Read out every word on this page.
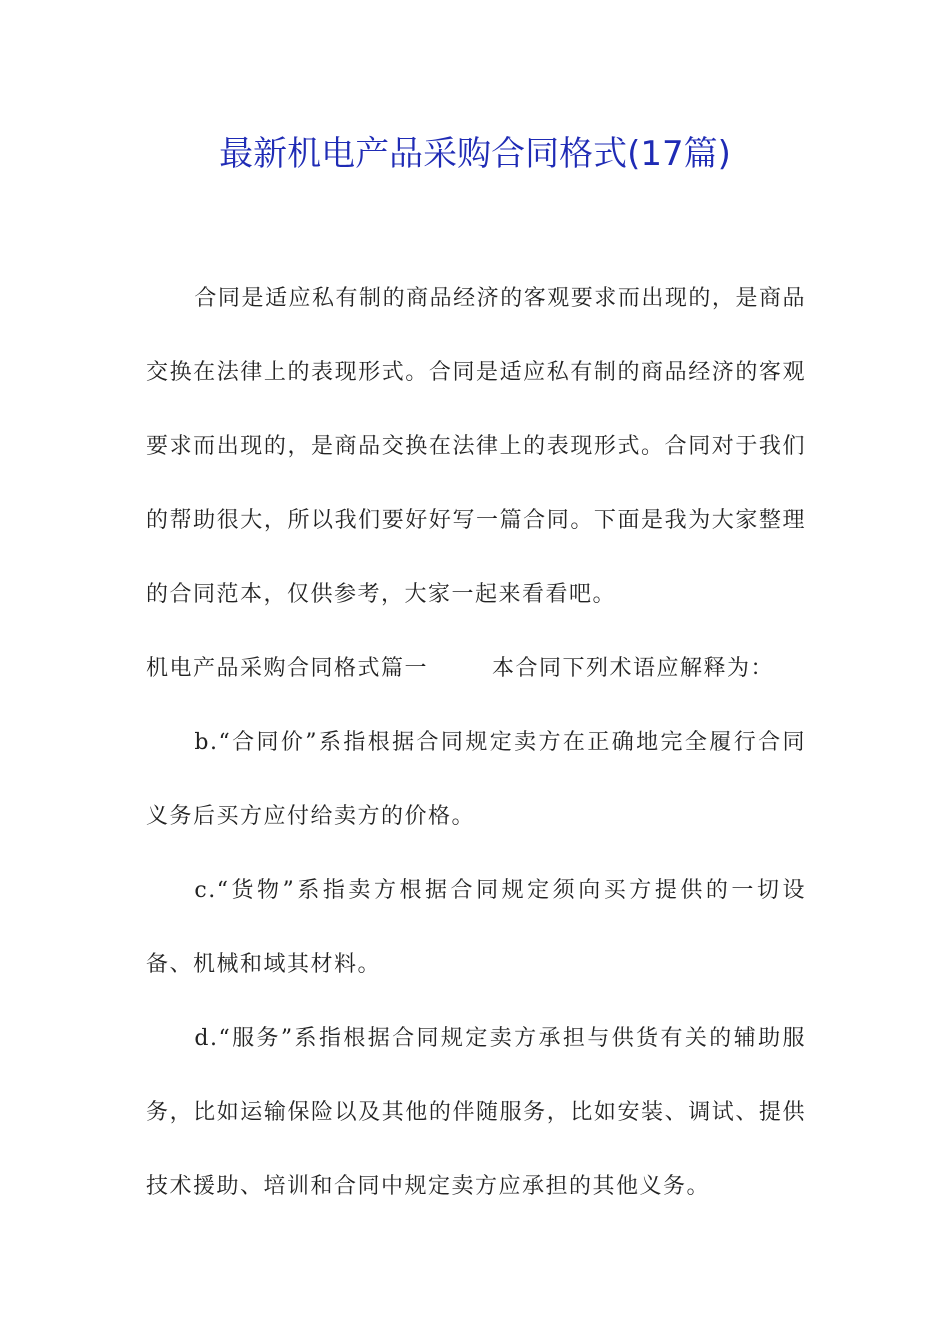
最新机电产品采购合同格式(17篇)

合同是适应私有制的商品经济的客观要求而出现的，是商品交换在法律上的表现形式。合同是适应私有制的商品经济的客观要求而出现的，是商品交换在法律上的表现形式。合同对于我们的帮助很大，所以我们要好好写一篇合同。下面是我为大家整理的合同范本，仅供参考，大家一起来看看吧。

机电产品采购合同格式篇一	本合同下列术语应解释为：

b.“合同价”系指根据合同规定卖方在正确地完全履行合同义务后买方应付给卖方的价格。

c.“货物”系指卖方根据合同规定须向买方提供的一切设备、机械和域其材料。

d.“服务”系指根据合同规定卖方承担与供货有关的辅助服务，比如运输保险以及其他的伴随服务，比如安装、调试、提供技术援助、培训和合同中规定卖方应承担的其他义务。
